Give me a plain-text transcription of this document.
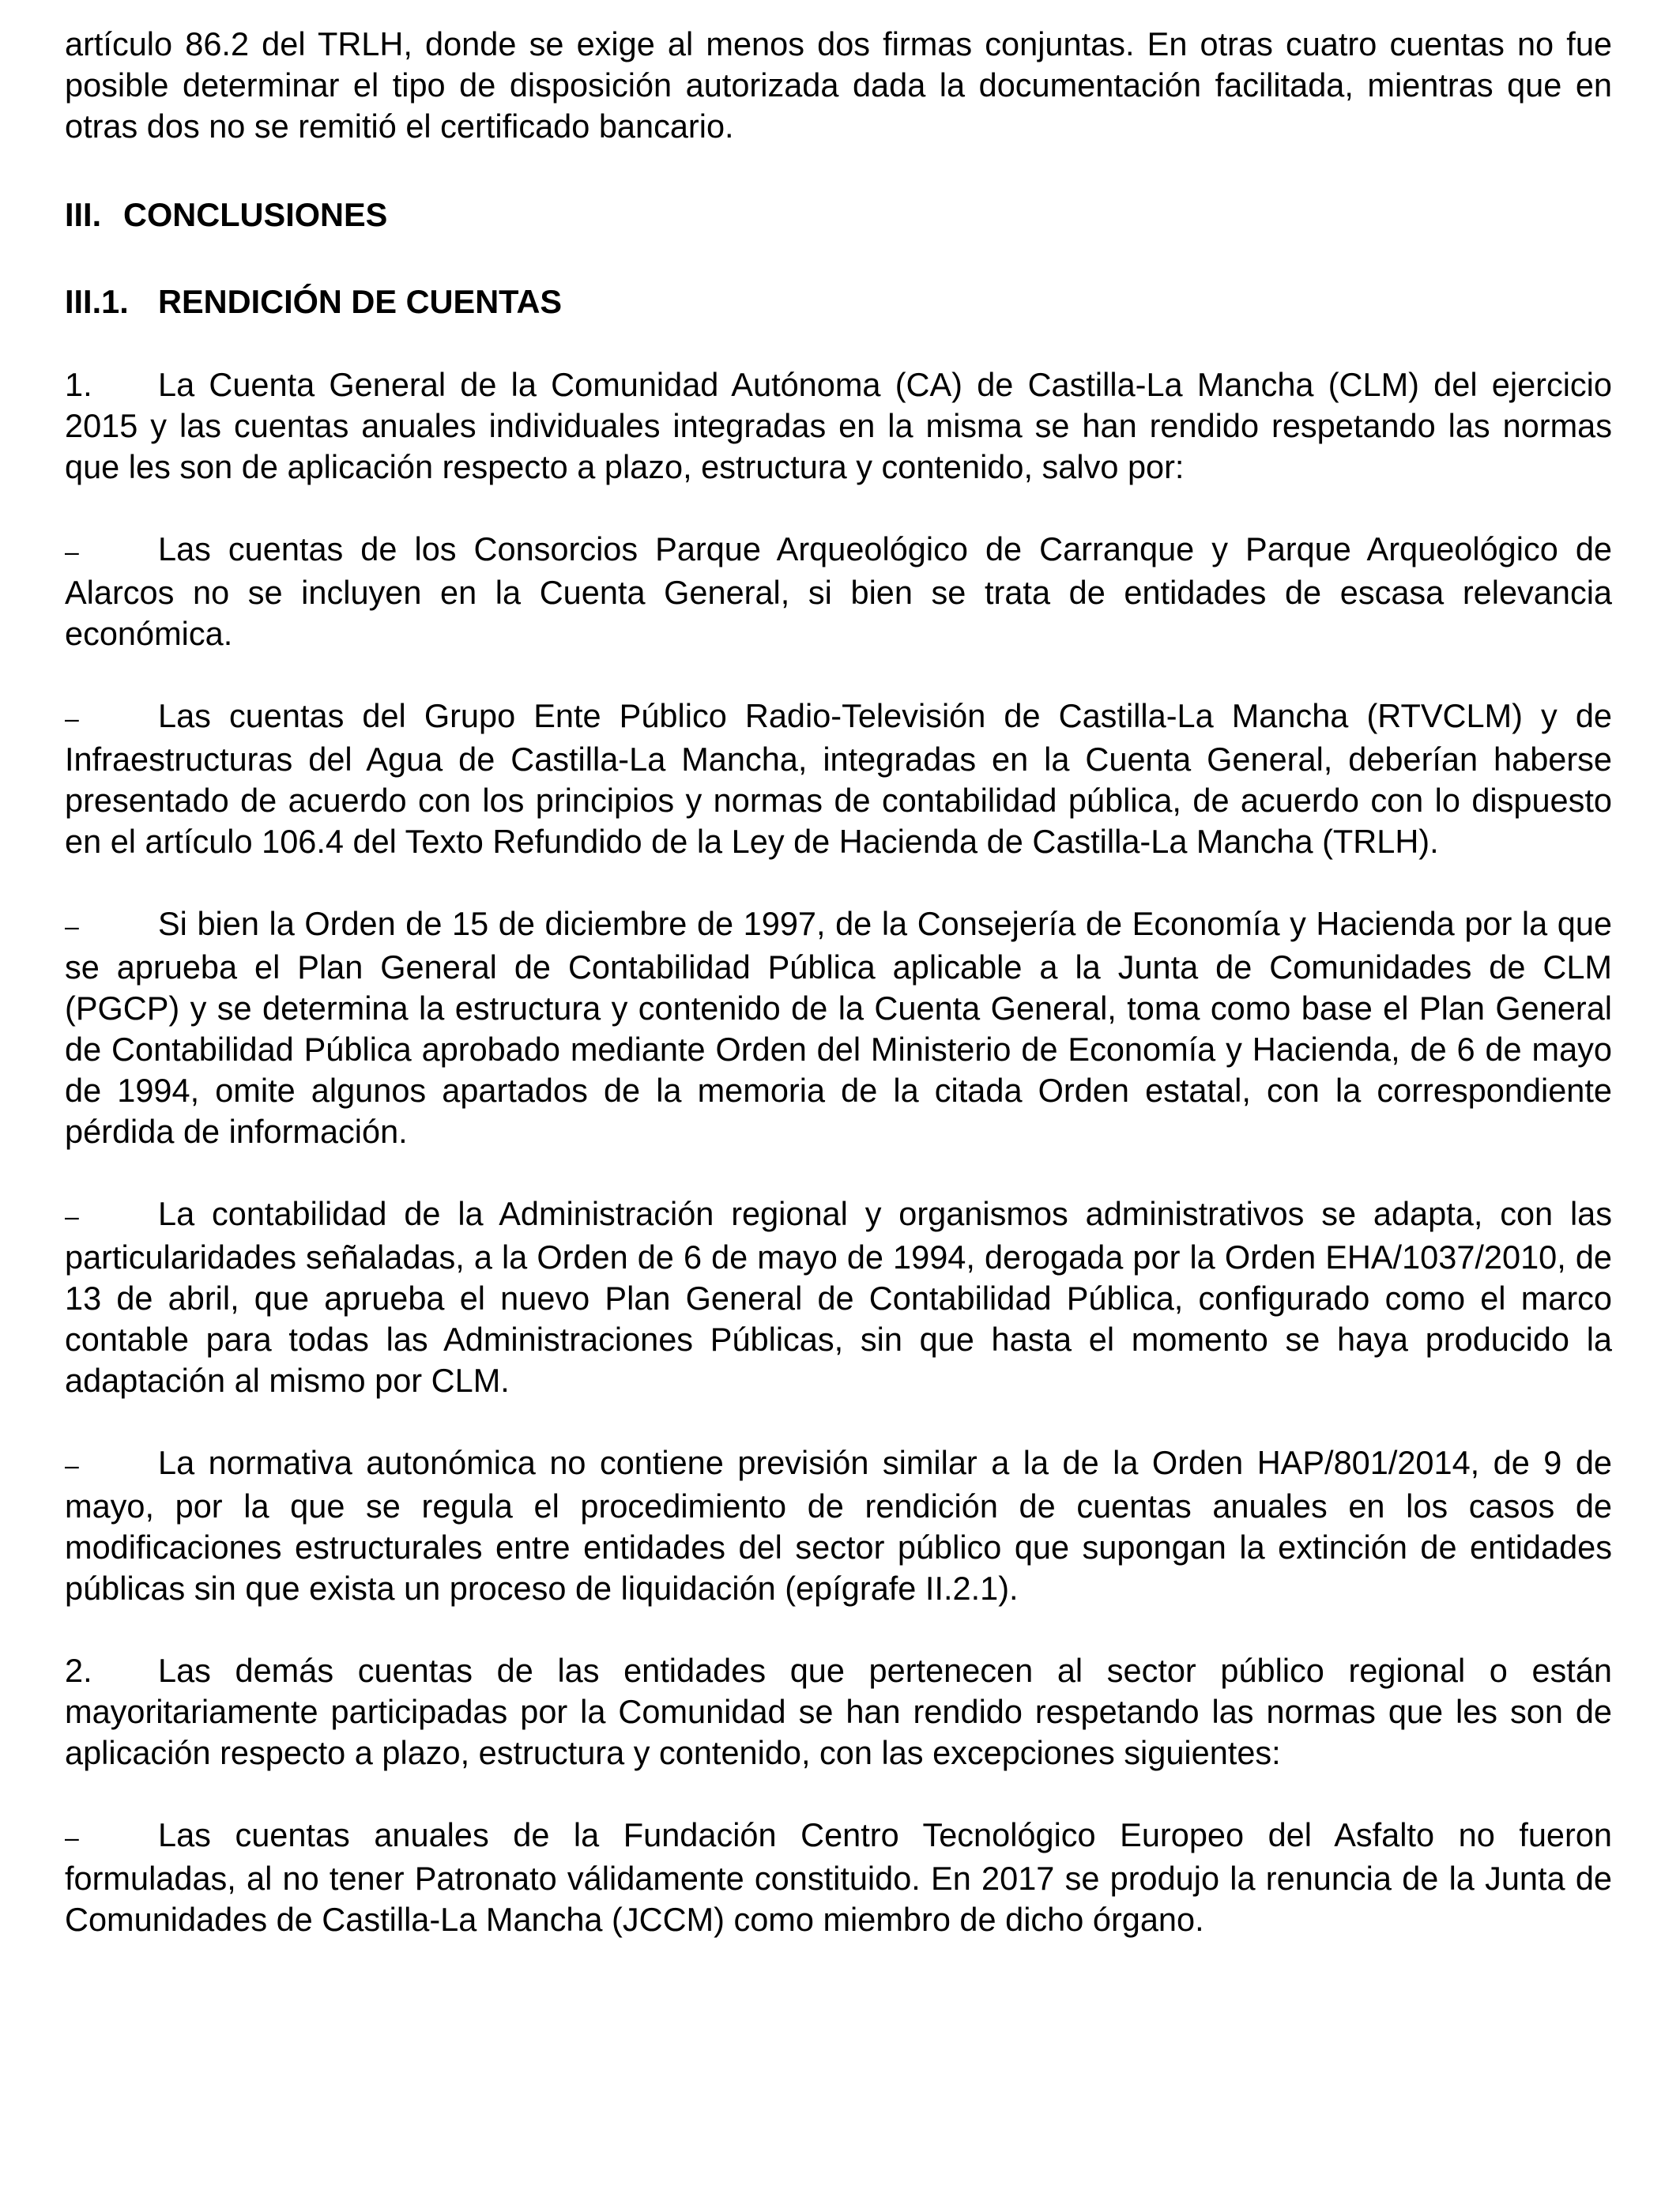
artículo 86.2 del TRLH, donde se exige al menos dos firmas conjuntas. En otras cuatro cuentas no fue posible determinar el tipo de disposición autorizada dada la documentación facilitada, mientras que en otras dos no se remitió el certificado bancario.

III. CONCLUSIONES
III.1. RENDICIÓN DE CUENTAS

1. La Cuenta General de la Comunidad Autónoma (CA) de Castilla-La Mancha (CLM) del ejercicio 2015 y las cuentas anuales individuales integradas en la misma se han rendido respetando las normas que les son de aplicación respecto a plazo, estructura y contenido, salvo por:

– Las cuentas de los Consorcios Parque Arqueológico de Carranque y Parque Arqueológico de Alarcos no se incluyen en la Cuenta General, si bien se trata de entidades de escasa relevancia económica.

– Las cuentas del Grupo Ente Público Radio-Televisión de Castilla-La Mancha (RTVCLM) y de Infraestructuras del Agua de Castilla-La Mancha, integradas en la Cuenta General, deberían haberse presentado de acuerdo con los principios y normas de contabilidad pública, de acuerdo con lo dispuesto en el artículo 106.4 del Texto Refundido de la Ley de Hacienda de Castilla-La Mancha (TRLH).

– Si bien la Orden de 15 de diciembre de 1997, de la Consejería de Economía y Hacienda por la que se aprueba el Plan General de Contabilidad Pública aplicable a la Junta de Comunidades de CLM (PGCP) y se determina la estructura y contenido de la Cuenta General, toma como base el Plan General de Contabilidad Pública aprobado mediante Orden del Ministerio de Economía y Hacienda, de 6 de mayo de 1994, omite algunos apartados de la memoria de la citada Orden estatal, con la correspondiente pérdida de información.

– La contabilidad de la Administración regional y organismos administrativos se adapta, con las particularidades señaladas, a la Orden de 6 de mayo de 1994, derogada por la Orden EHA/1037/2010, de 13 de abril, que aprueba el nuevo Plan General de Contabilidad Pública, configurado como el marco contable para todas las Administraciones Públicas, sin que hasta el momento se haya producido la adaptación al mismo por CLM.

– La normativa autonómica no contiene previsión similar a la de la Orden HAP/801/2014, de 9 de mayo, por la que se regula el procedimiento de rendición de cuentas anuales en los casos de modificaciones estructurales entre entidades del sector público que supongan la extinción de entidades públicas sin que exista un proceso de liquidación (epígrafe II.2.1).

2. Las demás cuentas de las entidades que pertenecen al sector público regional o están mayoritariamente participadas por la Comunidad se han rendido respetando las normas que les son de aplicación respecto a plazo, estructura y contenido, con las excepciones siguientes:

– Las cuentas anuales de la Fundación Centro Tecnológico Europeo del Asfalto no fueron formuladas, al no tener Patronato válidamente constituido. En 2017 se produjo la renuncia de la Junta de Comunidades de Castilla-La Mancha (JCCM) como miembro de dicho órgano.
